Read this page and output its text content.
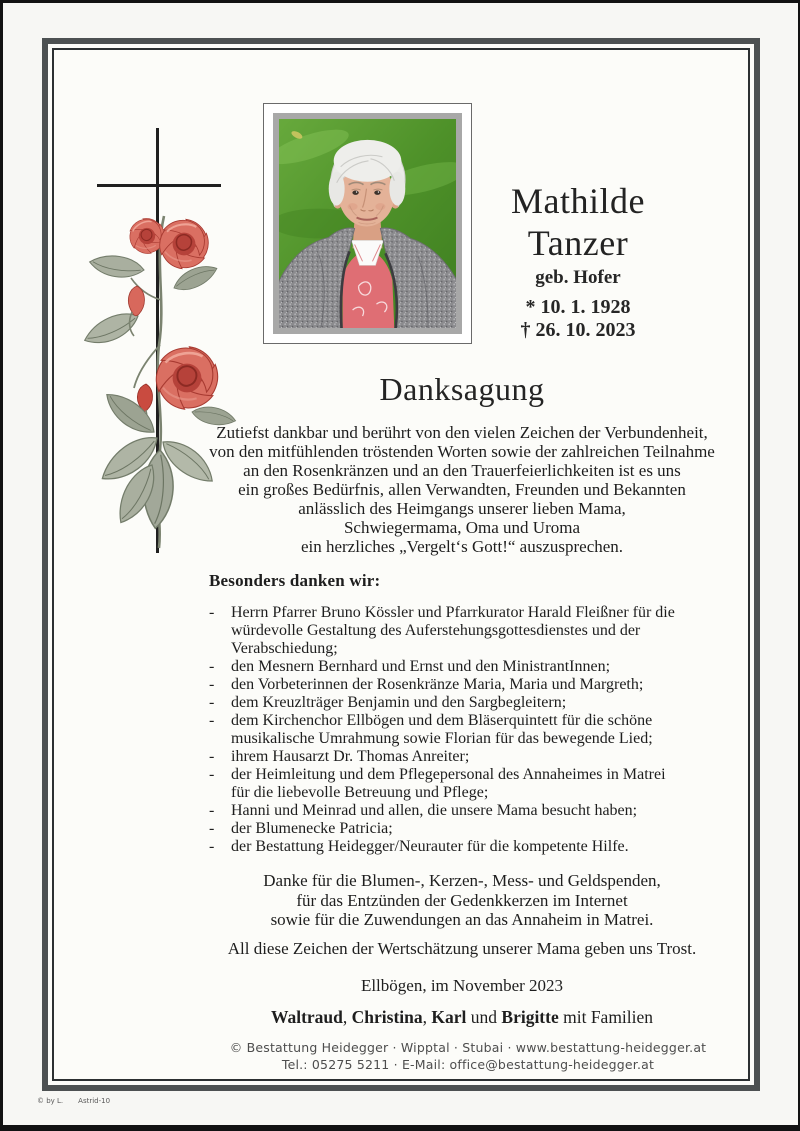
Mathilde
Tanzer
geb. Hofer
* 10. 1. 1928
† 26. 10. 2023
Danksagung
Zutiefst dankbar und berührt von den vielen Zeichen der Verbundenheit,
von den mitfühlenden tröstenden Worten sowie der zahlreichen Teilnahme
an den Rosenkränzen und an den Trauerfeierlichkeiten ist es uns
ein großes Bedürfnis, allen Verwandten, Freunden und Bekannten
anlässlich des Heimgangs unserer lieben Mama,
Schwiegermama, Oma und Uroma
ein herzliches „Vergelt‘s Gott!“ auszusprechen.
Besonders danken wir:
-	Herrn Pfarrer Bruno Kössler und Pfarrkurator Harald Fleißner für die
würdevolle Gestaltung des Auferstehungsgottesdienstes und der
Verabschiedung;
-	den Mesnern Bernhard und Ernst und den MinistrantInnen;
-	den Vorbeterinnen der Rosenkränze Maria, Maria und Margreth;
-	dem Kreuzlträger Benjamin und den Sargbegleitern;
-	dem Kirchenchor Ellbögen und dem Bläserquintett für die schöne
musikalische Umrahmung sowie Florian für das bewegende Lied;
-	ihrem Hausarzt Dr. Thomas Anreiter;
-	der Heimleitung und dem Pflegepersonal des Annaheimes in Matrei
für die liebevolle Betreuung und Pflege;
-	Hanni und Meinrad und allen, die unsere Mama besucht haben;
-	der Blumenecke Patricia;
-	der Bestattung Heidegger/Neurauter für die kompetente Hilfe.
Danke für die Blumen-, Kerzen-, Mess- und Geldspenden,
für das Entzünden der Gedenkkerzen im Internet
sowie für die Zuwendungen an das Annaheim in Matrei.
All diese Zeichen der Wertschätzung unserer Mama geben uns Trost.
Ellbögen, im November 2023
Waltraud, Christina, Karl und Brigitte mit Familien
© Bestattung Heidegger · Wipptal · Stubai · www.bestattung-heidegger.at
Tel.: 05275 5211 · E-Mail: office@bestattung-heidegger.at
© by L. Astrid-10
